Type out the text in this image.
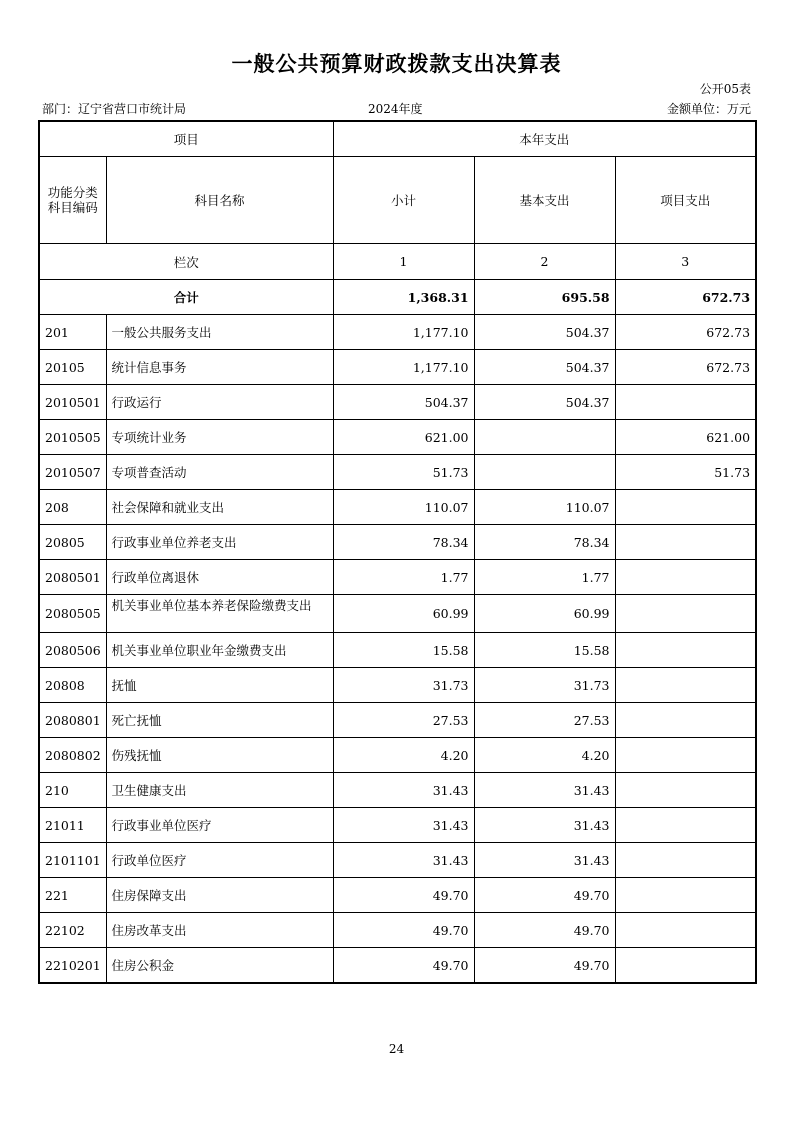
一般公共预算财政拨款支出决算表
公开05表
部门：辽宁省营口市统计局	2024年度	金额单位：万元
项目		本年支出		
功能分类
科目编码	科目名称	小计	基本支出	项目支出
栏次		1	2	3
合计		1,368.31	695.58	672.73
201	一般公共服务支出	1,177.10	504.37	672.73
20105	统计信息事务	1,177.10	504.37	672.73
2010501	行政运行	504.37	504.37	
2010505	专项统计业务	621.00		621.00
2010507	专项普查活动	51.73		51.73
208	社会保障和就业支出	110.07	110.07	
20805	行政事业单位养老支出	78.34	78.34	
2080501	行政单位离退休	1.77	1.77	
2080505	机关事业单位基本养老保险缴费支出	60.99	60.99	
2080506	机关事业单位职业年金缴费支出	15.58	15.58	
20808	抚恤	31.73	31.73	
2080801	死亡抚恤	27.53	27.53	
2080802	伤残抚恤	4.20	4.20	
210	卫生健康支出	31.43	31.43	
21011	行政事业单位医疗	31.43	31.43	
2101101	行政单位医疗	31.43	31.43	
221	住房保障支出	49.70	49.70	
22102	住房改革支出	49.70	49.70	
2210201	住房公积金	49.70	49.70	
24
